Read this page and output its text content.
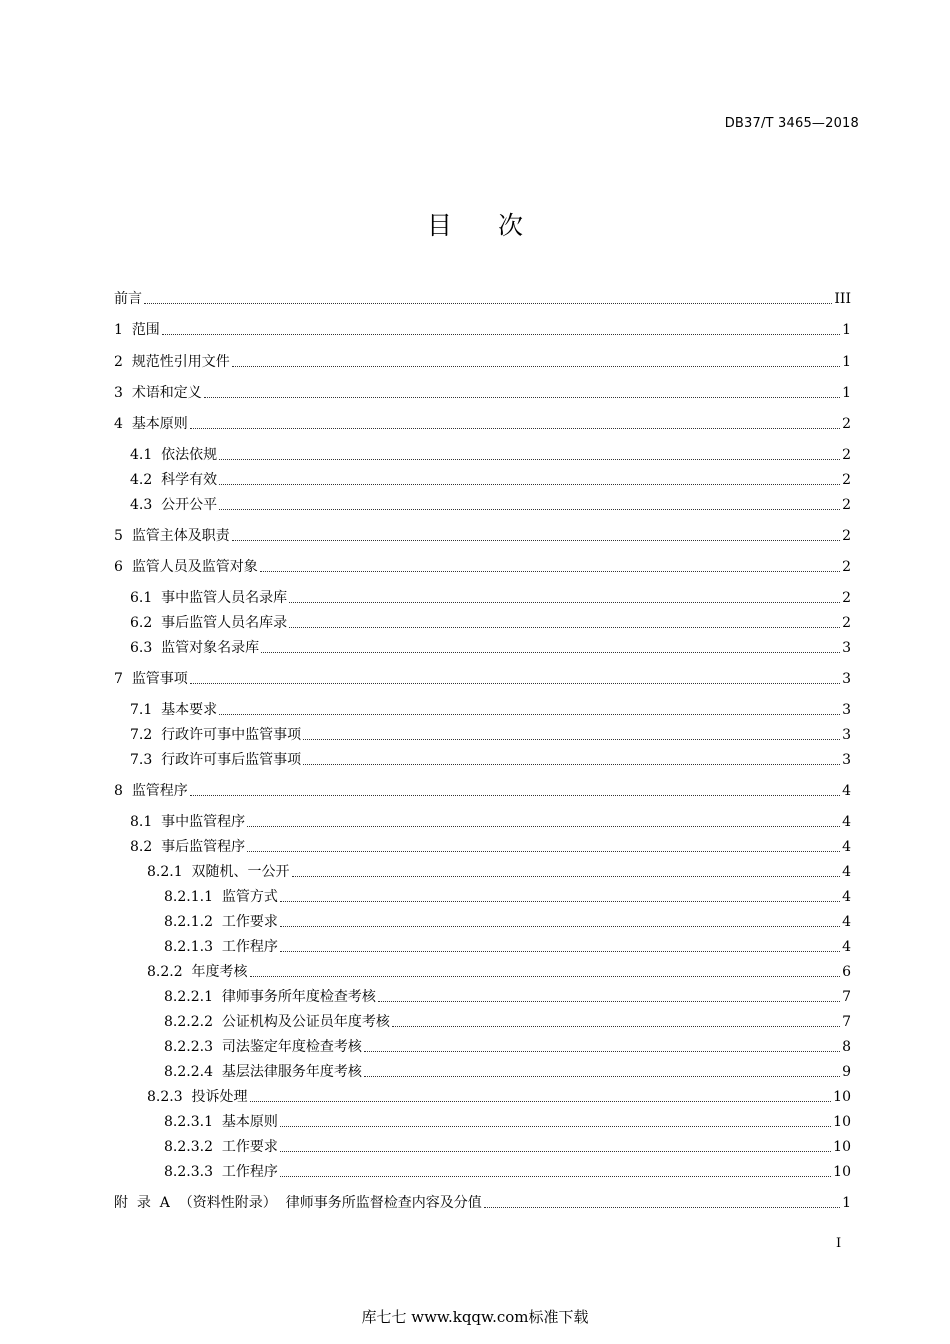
DB37/T 3465—2018
目 次
前言	III
1 范围	1
2 规范性引用文件	1
3 术语和定义	1
4 基本原则	2
4.1 依法依规	2
4.2 科学有效	2
4.3 公开公平	2
5 监管主体及职责	2
6 监管人员及监管对象	2
6.1 事中监管人员名录库	2
6.2 事后监管人员名库录	2
6.3 监管对象名录库	3
7 监管事项	3
7.1 基本要求	3
7.2 行政许可事中监管事项	3
7.3 行政许可事后监管事项	3
8 监管程序	4
8.1 事中监管程序	4
8.2 事后监管程序	4
8.2.1 双随机、一公开	4
8.2.1.1 监管方式	4
8.2.1.2 工作要求	4
8.2.1.3 工作程序	4
8.2.2 年度考核	6
8.2.2.1 律师事务所年度检查考核	7
8.2.2.2 公证机构及公证员年度考核	7
8.2.2.3 司法鉴定年度检查考核	8
8.2.2.4 基层法律服务年度考核	9
8.2.3 投诉处理	10
8.2.3.1 基本原则	10
8.2.3.2 工作要求	10
8.2.3.3 工作程序	10
附  录  A  （资料性附录） 律师事务所监督检查内容及分值	1
I
库七七 www.kqqw.com标准下载
